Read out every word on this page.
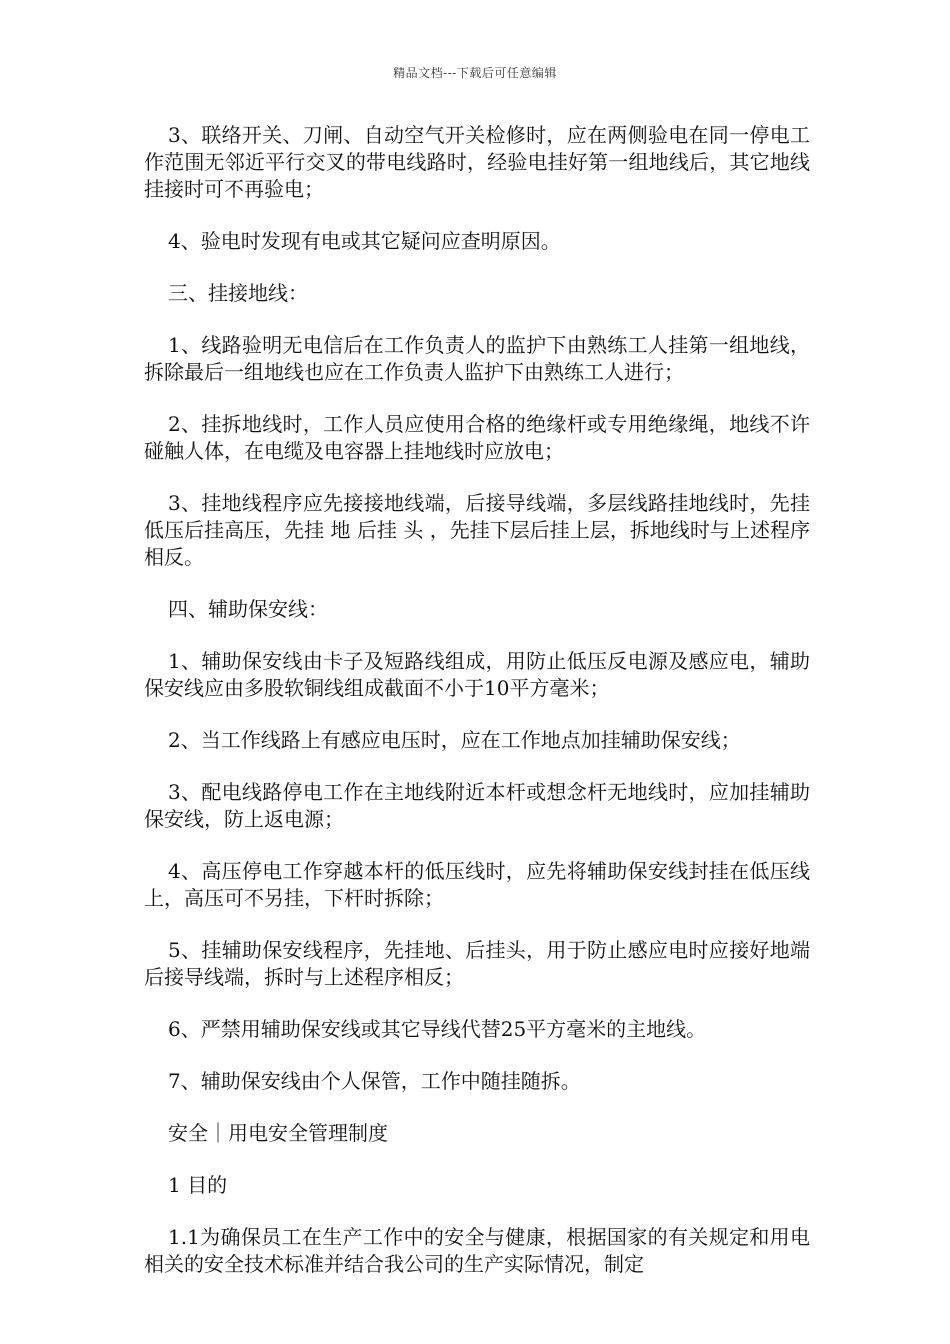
精品文档---下载后可任意编辑

3、联络开关、刀闸、自动空气开关检修时，应在两侧验电在同一停电工作范围无邻近平行交叉的带电线路时，经验电挂好第一组地线后，其它地线挂接时可不再验电；

4、验电时发现有电或其它疑问应查明原因。

三、挂接地线：

1、线路验明无电信后在工作负责人的监护下由熟练工人挂第一组地线，拆除最后一组地线也应在工作负责人监护下由熟练工人进行；

2、挂拆地线时，工作人员应使用合格的绝缘杆或专用绝缘绳，地线不许碰触人体，在电缆及电容器上挂地线时应放电；

3、挂地线程序应先接接地线端，后接导线端，多层线路挂地线时，先挂低压后挂高压，先挂 地 后挂 头 ，先挂下层后挂上层，拆地线时与上述程序相反。

四、辅助保安线：

1、辅助保安线由卡子及短路线组成，用防止低压反电源及感应电，辅助保安线应由多股软铜线组成截面不小于10平方毫米；

2、当工作线路上有感应电压时，应在工作地点加挂辅助保安线；

3、配电线路停电工作在主地线附近本杆或想念杆无地线时，应加挂辅助保安线，防上返电源；

4、高压停电工作穿越本杆的低压线时，应先将辅助保安线封挂在低压线上，高压可不另挂，下杆时拆除；

5、挂辅助保安线程序，先挂地、后挂头，用于防止感应电时应接好地端后接导线端，拆时与上述程序相反；

6、严禁用辅助保安线或其它导线代替25平方毫米的主地线。

7、辅助保安线由个人保管，工作中随挂随拆。

安全｜用电安全管理制度

1 目的

1.1为确保员工在生产工作中的安全与健康，根据国家的有关规定和用电相关的安全技术标准并结合我公司的生产实际情况，制定
